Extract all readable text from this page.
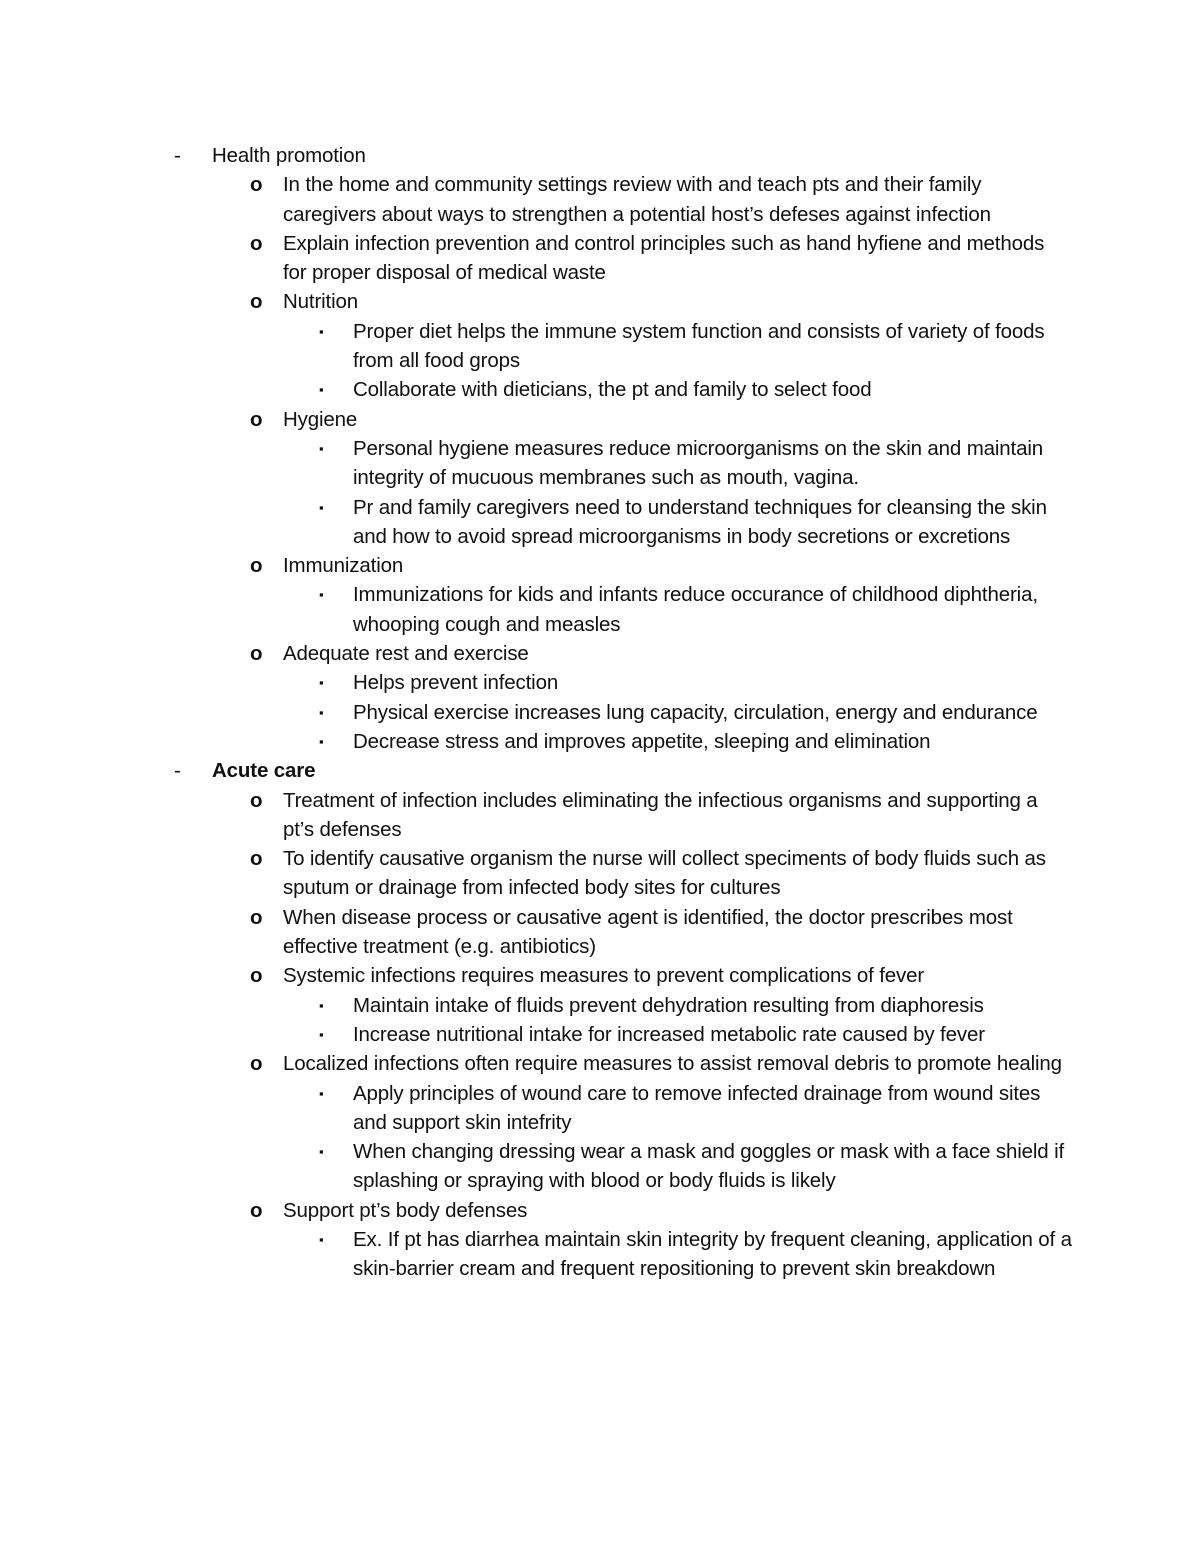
- Health promotion
o In the home and community settings review with and teach pts and their family caregivers about ways to strengthen a potential host’s defeses against infection
o Explain infection prevention and control principles such as hand hyfiene and methods for proper disposal of medical waste
o Nutrition
▪ Proper diet helps the immune system function and consists of variety of foods from all food grops
▪ Collaborate with dieticians, the pt and family to select food
o Hygiene
▪ Personal hygiene measures reduce microorganisms on the skin and maintain integrity of mucuous membranes such as mouth, vagina.
▪ Pr and family caregivers need to understand techniques for cleansing the skin and how to avoid spread microorganisms in body secretions or excretions
o Immunization
▪ Immunizations for kids and infants reduce occurance of childhood diphtheria, whooping cough and measles
o Adequate rest and exercise
▪ Helps prevent infection
▪ Physical exercise increases lung capacity, circulation, energy and endurance
▪ Decrease stress and improves appetite, sleeping and elimination
- Acute care
o Treatment of infection includes eliminating the infectious organisms and supporting a pt’s defenses
o To identify causative organism the nurse will collect speciments of body fluids such as sputum or drainage from infected body sites for cultures
o When disease process or causative agent is identified, the doctor prescribes most effective treatment (e.g. antibiotics)
o Systemic infections requires measures to prevent complications of fever
▪ Maintain intake of fluids prevent dehydration resulting from diaphoresis
▪ Increase nutritional intake for increased metabolic rate caused by fever
o Localized infections often require measures to assist removal debris to promote healing
▪ Apply principles of wound care to remove infected drainage from wound sites and support skin intefrity
▪ When changing dressing wear a mask and goggles or mask with a face shield if splashing or spraying with blood or body fluids is likely
o Support pt’s body defenses
▪ Ex. If pt has diarrhea maintain skin integrity by frequent cleaning, application of a skin-barrier cream and frequent repositioning to prevent skin breakdown
